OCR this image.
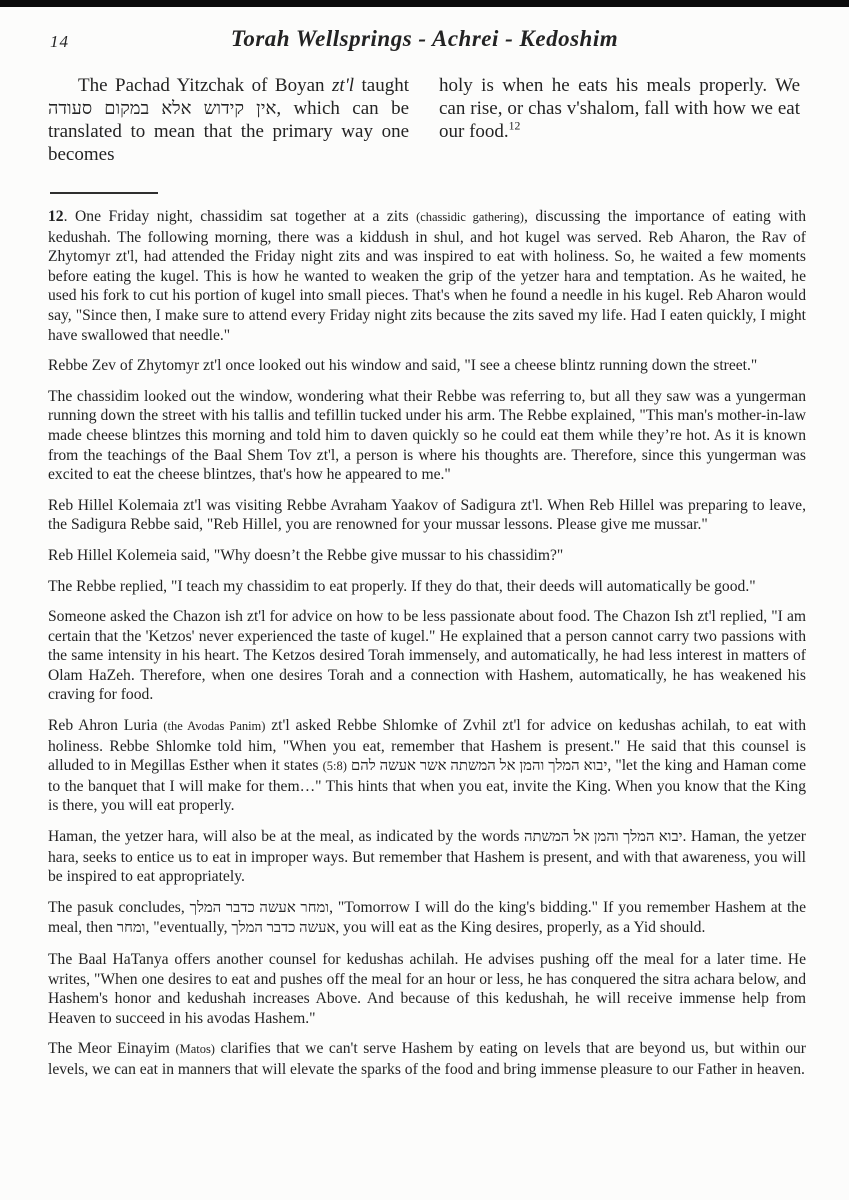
14	Torah Wellsprings - Achrei - Kedoshim

The Pachad Yitzchak of Boyan zt'l taught אין קידוש אלא במקום סעודה, which can be translated to mean that the primary way one becomes

holy is when he eats his meals properly. We can rise, or chas v'shalom, fall with how we eat our food.$^{12}$

12. One Friday night, chassidim sat together at a zits (chassidic gathering), discussing the importance of eating with kedushah. The following morning, there was a kiddush in shul, and hot kugel was served. Reb Aharon, the Rav of Zhytomyr zt'l, had attended the Friday night zits and was inspired to eat with holiness. So, he waited a few moments before eating the kugel. This is how he wanted to weaken the grip of the yetzer hara and temptation. As he waited, he used his fork to cut his portion of kugel into small pieces. That's when he found a needle in his kugel. Reb Aharon would say, "Since then, I make sure to attend every Friday night zits because the zits saved my life. Had I eaten quickly, I might have swallowed that needle."

Rebbe Zev of Zhytomyr zt'l once looked out his window and said, "I see a cheese blintz running down the street."

The chassidim looked out the window, wondering what their Rebbe was referring to, but all they saw was a yungerman running down the street with his tallis and tefillin tucked under his arm. The Rebbe explained, "This man's mother-in-law made cheese blintzes this morning and told him to daven quickly so he could eat them while they’re hot. As it is known from the teachings of the Baal Shem Tov zt'l, a person is where his thoughts are. Therefore, since this yungerman was excited to eat the cheese blintzes, that's how he appeared to me."

Reb Hillel Kolemaia zt'l was visiting Rebbe Avraham Yaakov of Sadigura zt'l. When Reb Hillel was preparing to leave, the Sadigura Rebbe said, "Reb Hillel, you are renowned for your mussar lessons. Please give me mussar."

Reb Hillel Kolemeia said, "Why doesn’t the Rebbe give mussar to his chassidim?"

The Rebbe replied, "I teach my chassidim to eat properly. If they do that, their deeds will automatically be good."

Someone asked the Chazon ish zt'l for advice on how to be less passionate about food. The Chazon Ish zt'l replied, "I am certain that the 'Ketzos' never experienced the taste of kugel." He explained that a person cannot carry two passions with the same intensity in his heart. The Ketzos desired Torah immensely, and automatically, he had less interest in matters of Olam HaZeh. Therefore, when one desires Torah and a connection with Hashem, automatically, he has weakened his craving for food.

Reb Ahron Luria (the Avodas Panim) zt'l asked Rebbe Shlomke of Zvhil zt'l for advice on kedushas achilah, to eat with holiness. Rebbe Shlomke told him, "When you eat, remember that Hashem is present." He said that this counsel is alluded to in Megillas Esther when it states (5:8) יבוא המלך והמן אל המשתה אשר אעשה להם, "let the king and Haman come to the banquet that I will make for them…" This hints that when you eat, invite the King. When you know that the King is there, you will eat properly.

Haman, the yetzer hara, will also be at the meal, as indicated by the words יבוא המלך והמן אל המשתה. Haman, the yetzer hara, seeks to entice us to eat in improper ways. But remember that Hashem is present, and with that awareness, you will be inspired to eat appropriately.

The pasuk concludes, ומחר אעשה כדבר המלך, "Tomorrow I will do the king's bidding." If you remember Hashem at the meal, then ומחר, "eventually, אעשה כדבר המלך, you will eat as the King desires, properly, as a Yid should.

The Baal HaTanya offers another counsel for kedushas achilah. He advises pushing off the meal for a later time. He writes, "When one desires to eat and pushes off the meal for an hour or less, he has conquered the sitra achara below, and Hashem's honor and kedushah increases Above. And because of this kedushah, he will receive immense help from Heaven to succeed in his avodas Hashem."

The Meor Einayim (Matos) clarifies that we can't serve Hashem by eating on levels that are beyond us, but within our levels, we can eat in manners that will elevate the sparks of the food and bring immense pleasure to our Father in heaven.
